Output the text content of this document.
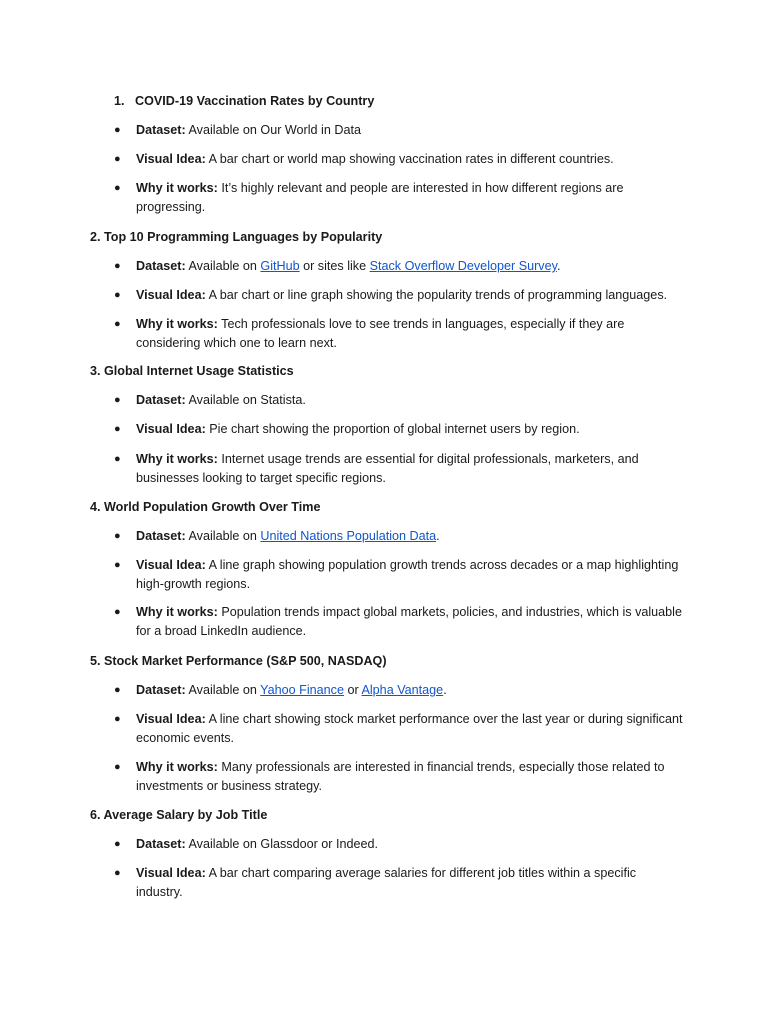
1. COVID-19 Vaccination Rates by Country
● Dataset: Available on Our World in Data
● Visual Idea: A bar chart or world map showing vaccination rates in different countries.
● Why it works: It’s highly relevant and people are interested in how different regions are progressing.
2. Top 10 Programming Languages by Popularity
● Dataset: Available on GitHub or sites like Stack Overflow Developer Survey.
● Visual Idea: A bar chart or line graph showing the popularity trends of programming languages.
● Why it works: Tech professionals love to see trends in languages, especially if they are considering which one to learn next.
3. Global Internet Usage Statistics
● Dataset: Available on Statista.
● Visual Idea: Pie chart showing the proportion of global internet users by region.
● Why it works: Internet usage trends are essential for digital professionals, marketers, and businesses looking to target specific regions.
4. World Population Growth Over Time
● Dataset: Available on United Nations Population Data.
● Visual Idea: A line graph showing population growth trends across decades or a map highlighting high-growth regions.
● Why it works: Population trends impact global markets, policies, and industries, which is valuable for a broad LinkedIn audience.
5. Stock Market Performance (S&P 500, NASDAQ)
● Dataset: Available on Yahoo Finance or Alpha Vantage.
● Visual Idea: A line chart showing stock market performance over the last year or during significant economic events.
● Why it works: Many professionals are interested in financial trends, especially those related to investments or business strategy.
6. Average Salary by Job Title
● Dataset: Available on Glassdoor or Indeed.
● Visual Idea: A bar chart comparing average salaries for different job titles within a specific industry.
